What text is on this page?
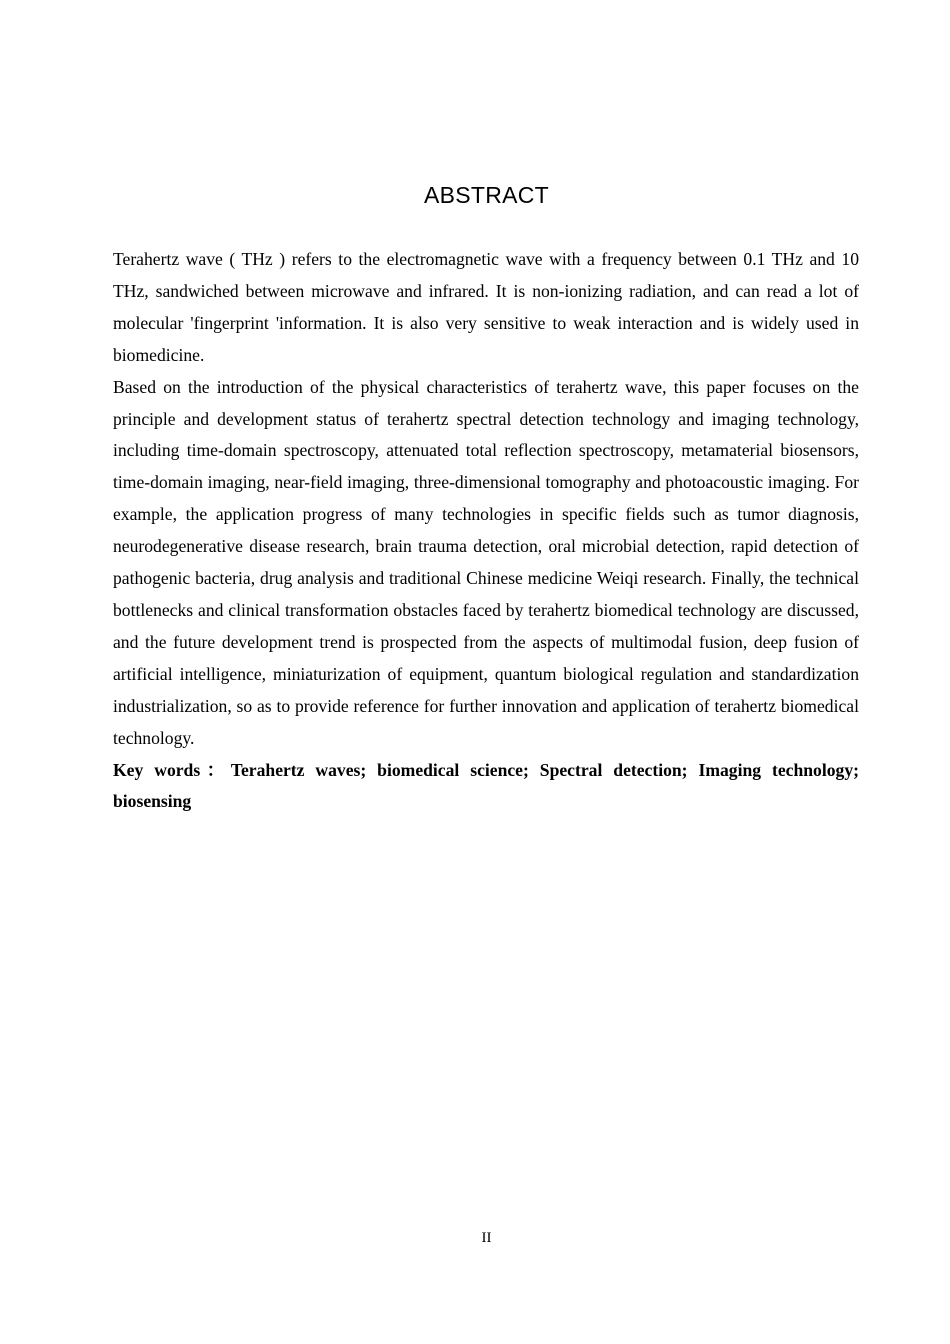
ABSTRACT

Terahertz wave ( THz ) refers to the electromagnetic wave with a frequency between 0.1 THz and 10 THz, sandwiched between microwave and infrared. It is non-ionizing radiation, and can read a lot of molecular 'fingerprint 'information. It is also very sensitive to weak interaction and is widely used in biomedicine.

Based on the introduction of the physical characteristics of terahertz wave, this paper focuses on the principle and development status of terahertz spectral detection technology and imaging technology, including time-domain spectroscopy, attenuated total reflection spectroscopy, metamaterial biosensors, time-domain imaging, near-field imaging, three-dimensional tomography and photoacoustic imaging. For example, the application progress of many technologies in specific fields such as tumor diagnosis, neurodegenerative disease research, brain trauma detection, oral microbial detection, rapid detection of pathogenic bacteria, drug analysis and traditional Chinese medicine Weiqi research. Finally, the technical bottlenecks and clinical transformation obstacles faced by terahertz biomedical technology are discussed, and the future development trend is prospected from the aspects of multimodal fusion, deep fusion of artificial intelligence, miniaturization of equipment, quantum biological regulation and standardization industrialization, so as to provide reference for further innovation and application of terahertz biomedical technology.

Key words：Terahertz waves; biomedical science; Spectral detection; Imaging technology; biosensing

II
